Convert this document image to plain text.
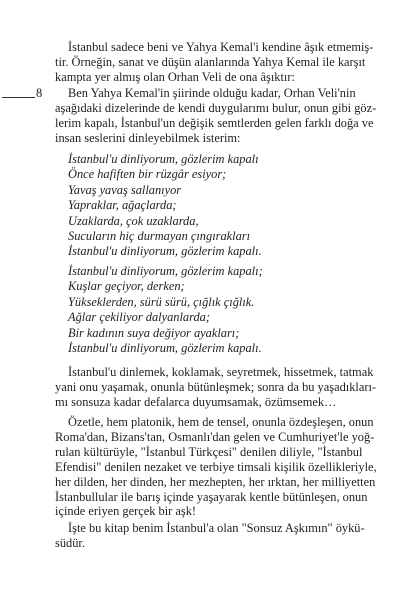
8

İstanbul sadece beni ve Yahya Kemal'i kendine âşık etmemiş-
tir. Örneğin, sanat ve düşün alanlarında Yahya Kemal ile karşıt
kampta yer almış olan Orhan Veli de ona âşıktır:

Ben Yahya Kemal'in şiirinde olduğu kadar, Orhan Veli'nin
aşağıdaki dizelerinde de kendi duygularımı bulur, onun gibi göz-
lerim kapalı, İstanbul'un değişik semtlerden gelen farklı doğa ve
insan seslerini dinleyebilmek isterim:

İstanbul'u dinliyorum, gözlerim kapalı
Önce hafiften bir rüzgâr esiyor;
Yavaş yavaş sallanıyor
Yapraklar, ağaçlarda;
Uzaklarda, çok uzaklarda,
Sucuların hiç durmayan çıngırakları
İstanbul'u dinliyorum, gözlerim kapalı.
İstanbul'u dinliyorum, gözlerim kapalı;
Kuşlar geçiyor, derken;
Yükseklerden, sürü sürü, çığlık çığlık.
Ağlar çekiliyor dalyanlarda;
Bir kadının suya değiyor ayakları;
İstanbul'u dinliyorum, gözlerim kapalı.

İstanbul'u dinlemek, koklamak, seyretmek, hissetmek, tatmak
yani onu yaşamak, onunla bütünleşmek; sonra da bu yaşadıkları-
mı sonsuza kadar defalarca duyumsamak, özümsemek…

Özetle, hem platonik, hem de tensel, onunla özdeşleşen, onun
Roma'dan, Bizans'tan, Osmanlı'dan gelen ve Cumhuriyet'le yoğ-
rulan kültürüyle, "İstanbul Türkçesi" denilen diliyle, "İstanbul
Efendisi" denilen nezaket ve terbiye timsali kişilik özellikleriyle,
her dilden, her dinden, her mezhepten, her ırktan, her milliyetten
İstanbullular ile barış içinde yaşayarak kentle bütünleşen, onun
içinde eriyen gerçek bir aşk!

İşte bu kitap benim İstanbul'a olan "Sonsuz Aşkımın" öykü-
südür.
